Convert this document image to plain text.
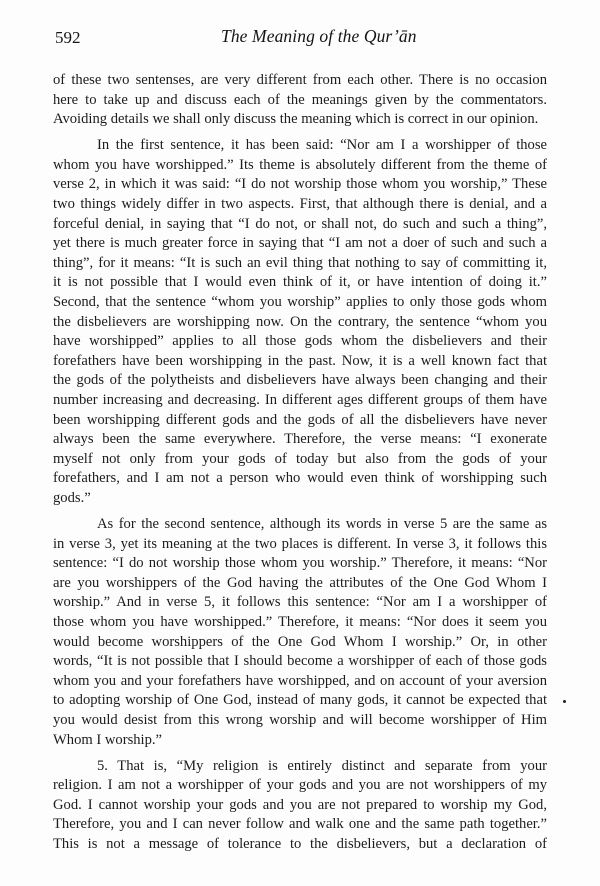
592	The Meaning of the Qur’ān

of these two sentenses, are very different from each other. There is no occasion
here to take up and discuss each of the meanings given by the commentators.
Avoiding details we shall only discuss the meaning which is correct in our opinion.

In the first sentence, it has been said: “Nor am I a worshipper of those
whom you have worshipped.” Its theme is absolutely different from the theme of
verse 2, in which it was said: “I do not worship those whom you worship,” These
two things widely differ in two aspects. First, that although there is denial, and a
forceful denial, in saying that “I do not, or shall not, do such and such a thing”,
yet there is much greater force in saying that “I am not a doer of such and such a
thing”, for it means: “It is such an evil thing that nothing to say of committing it,
it is not possible that I would even think of it, or have intention of doing it.”
Second, that the sentence “whom you worship” applies to only those gods whom
the disbelievers are worshipping now. On the contrary, the sentence “whom you
have worshipped” applies to all those gods whom the disbelievers and their
forefathers have been worshipping in the past. Now, it is a well known fact that
the gods of the polytheists and disbelievers have always been changing and their
number increasing and decreasing. In different ages different groups of them have
been worshipping different gods and the gods of all the disbelievers have never
always been the same everywhere. Therefore, the verse means: “I exonerate
myself not only from your gods of today but also from the gods of your
forefathers, and I am not a person who would even think of worshipping such
gods.”

As for the second sentence, although its words in verse 5 are the same as
in verse 3, yet its meaning at the two places is different. In verse 3, it follows this
sentence: “I do not worship those whom you worship.” Therefore, it means: “Nor
are you worshippers of the God having the attributes of the One God Whom I
worship.” And in verse 5, it follows this sentence: “Nor am I a worshipper of
those whom you have worshipped.” Therefore, it means: “Nor does it seem you
would become worshippers of the One God Whom I worship.” Or, in other
words, “It is not possible that I should become a worshipper of each of those gods
whom you and your forefathers have worshipped, and on account of your aversion
to adopting worship of One God, instead of many gods, it cannot be expected that
you would desist from this wrong worship and will become worshipper of Him
Whom I worship.”

5. That is, “My religion is entirely distinct and separate from your
religion. I am not a worshipper of your gods and you are not worshippers of my
God. I cannot worship your gods and you are not prepared to worship my God,
Therefore, you and I can never follow and walk one and the same path together.”
This is not a message of tolerance to the disbelievers, but a declaration of
